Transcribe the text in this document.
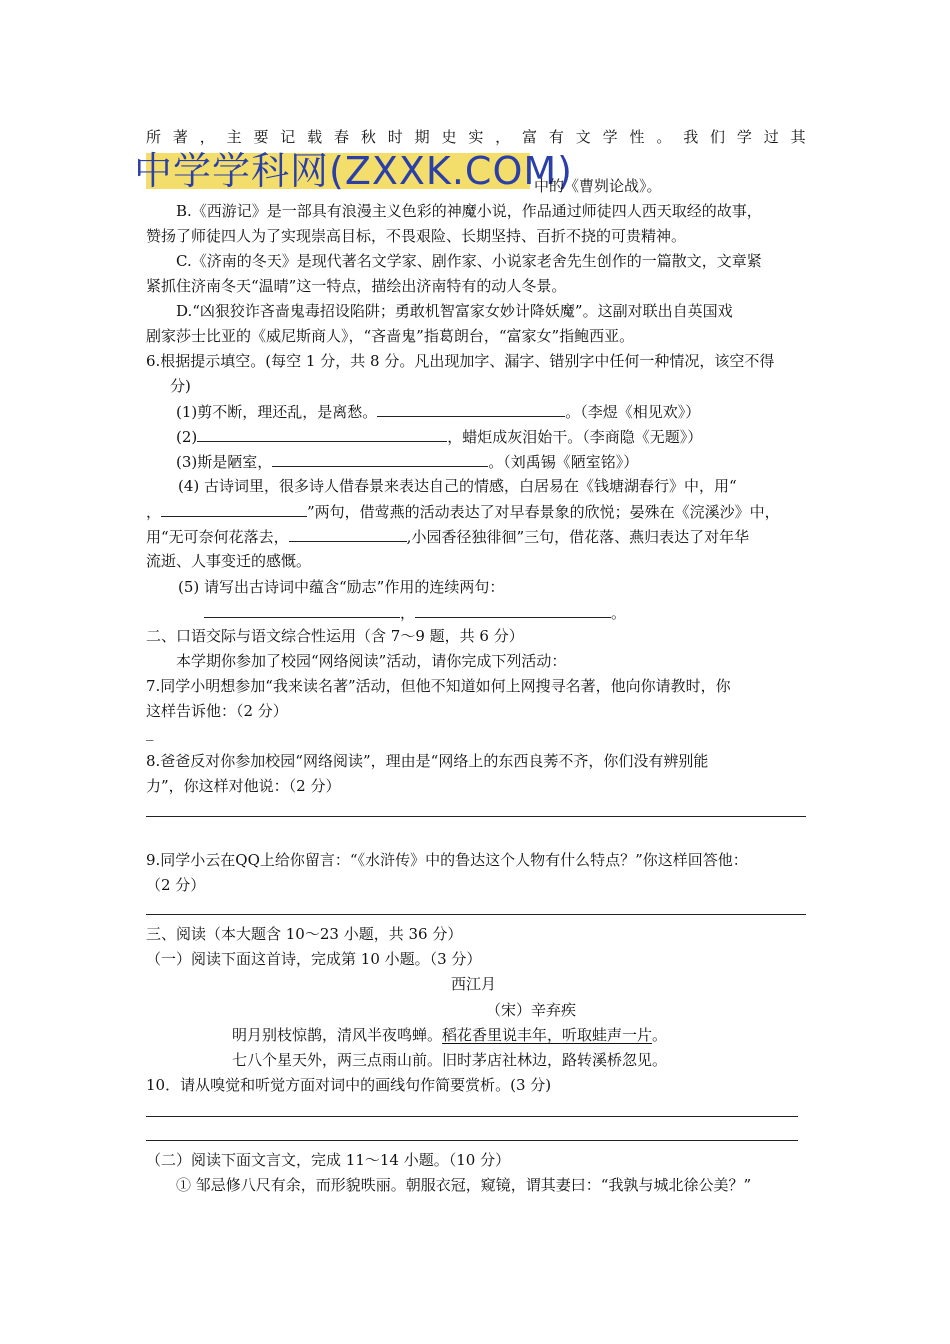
所 著 ， 主 要 记 载 春 秋 时 期 史 实 ， 富 有 文 学 性 。 我 们 学 过 其
中学学科网(ZXXK.COM)
中的《曹刿论战》。
B.《西游记》是一部具有浪漫主义色彩的神魔小说，作品通过师徒四人西天取经的故事，
赞扬了师徒四人为了实现崇高目标，不畏艰险、长期坚持、百折不挠的可贵精神。
C.《济南的冬天》是现代著名文学家、剧作家、小说家老舍先生创作的一篇散文，文章紧
紧抓住济南冬天“温晴”这一特点，描绘出济南特有的动人冬景。
D.“凶狠狡诈吝啬鬼毒招设陷阱；勇敢机智富家女妙计降妖魔”。这副对联出自英国戏
剧家莎士比亚的《威尼斯商人》，“吝啬鬼”指葛朗台，“富家女”指鲍西亚。
6.根据提示填空。(每空 1 分，共 8 分。凡出现加字、漏字、错别字中任何一种情况，该空不得
分)
(1)剪不断，理还乱，是离愁。	。（李煜《相见欢》）
(2)	，蜡炬成灰泪始干。（李商隐《无题》）
(3)斯是陋室，	。（刘禹锡《陋室铭》）
(4) 古诗词里，很多诗人借春景来表达自己的情感，白居易在《钱塘湖春行》中，用“
，	”两句，借莺燕的活动表达了对早春景象的欣悦；晏殊在《浣溪沙》中，
用“无可奈何花落去，	,小园香径独徘徊”三句，借花落、燕归表达了对年华
流逝、人事变迁的感慨。
(5) 请写出古诗词中蕴含“励志”作用的连续两句：
，	。
二、口语交际与语文综合性运用（含 7～9 题，共 6 分）
本学期你参加了校园“网络阅读”活动，请你完成下列活动：
7.同学小明想参加“我来读名著”活动，但他不知道如何上网搜寻名著，他向你请教时，你
这样告诉他：（2 分）
_
8.爸爸反对你参加校园“网络阅读”，理由是“网络上的东西良莠不齐，你们没有辨别能
力”，你这样对他说：（2 分）
9.同学小云在QQ上给你留言：“《水浒传》中的鲁达这个人物有什么特点？”你这样回答他：
（2 分）
三、阅读（本大题含 10～23 小题，共 36 分）
（一）阅读下面这首诗，完成第 10 小题。（3 分）
西江月
（宋）辛弃疾
明月别枝惊鹊，清风半夜鸣蝉。稻花香里说丰年，听取蛙声一片。
七八个星天外，两三点雨山前。旧时茅店社林边，路转溪桥忽见。
10．请从嗅觉和听觉方面对词中的画线句作简要赏析。(3 分)
（二）阅读下面文言文，完成 11～14 小题。（10 分）
① 邹忌修八尺有余，而形貌昳丽。朝服衣冠，窥镜，谓其妻曰：“我孰与城北徐公美？”
